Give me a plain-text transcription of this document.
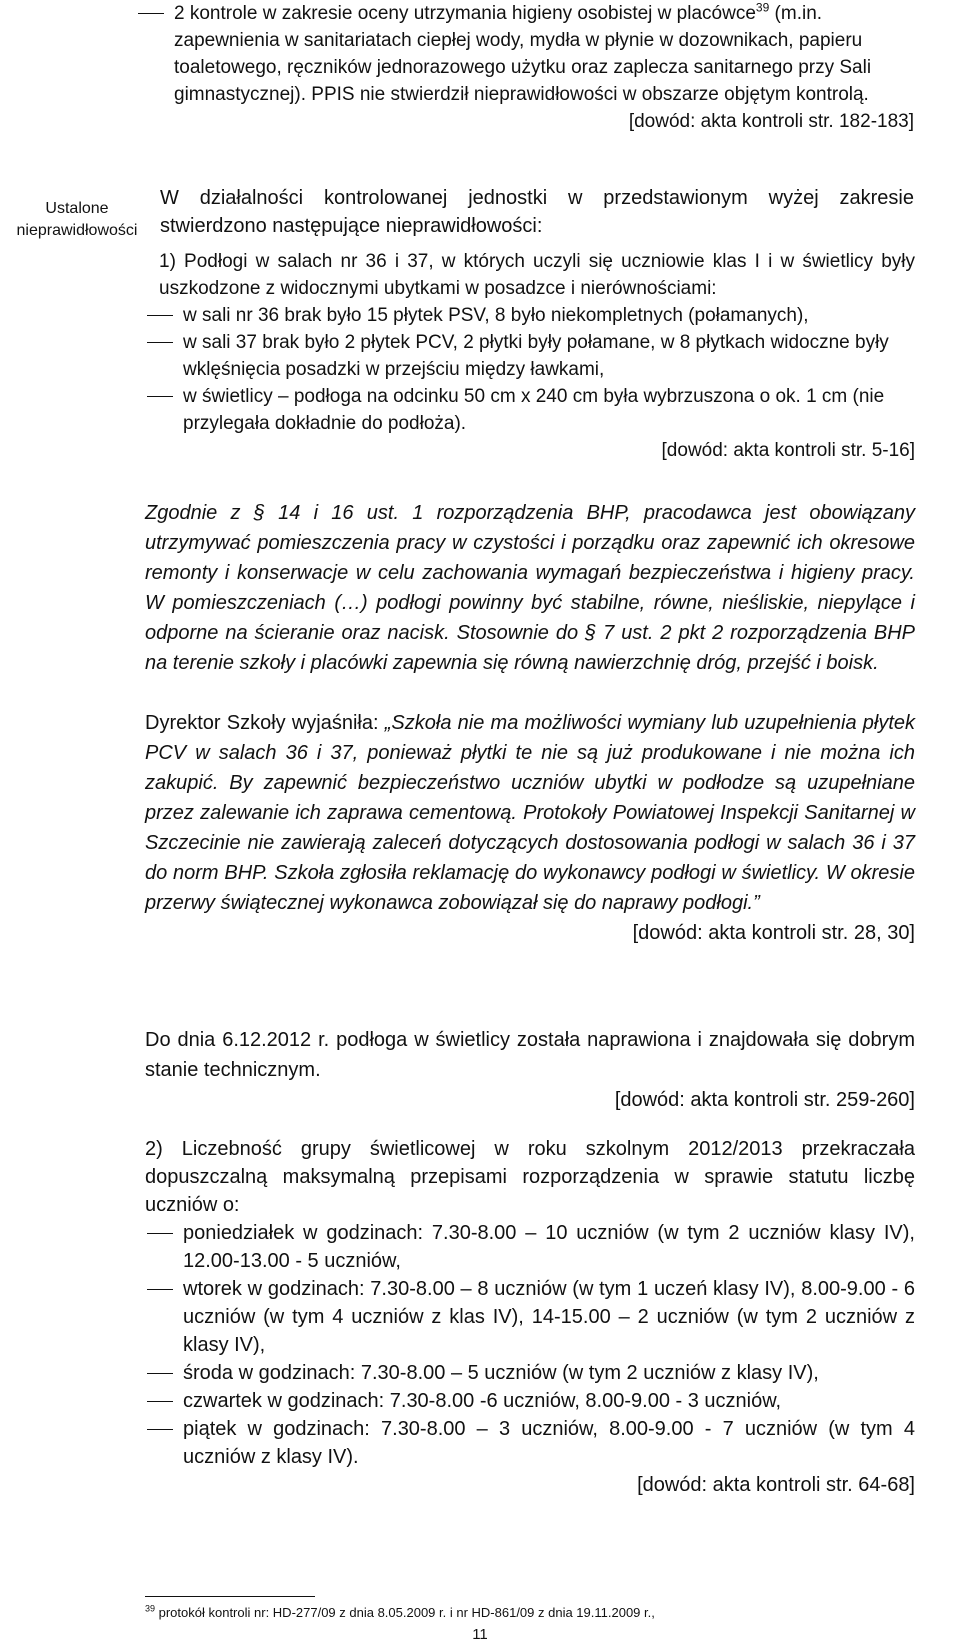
Ustalone nieprawidłowości
2 kontrole w zakresie oceny utrzymania higieny osobistej w placówce$^{39}$ (m.in. zapewnienia w sanitariatach ciepłej wody, mydła w płynie w dozownikach, papieru toaletowego, ręczników jednorazowego użytku oraz zaplecza sanitarnego przy Sali gimnastycznej). PPIS nie stwierdził nieprawidłowości w obszarze objętym kontrolą.
[dowód: akta kontroli str. 182-183]
W działalności kontrolowanej jednostki w przedstawionym wyżej zakresie stwierdzono następujące nieprawidłowości:
1) Podłogi w salach nr 36 i 37, w których uczyli się uczniowie klas I i w świetlicy były uszkodzone z widocznymi ubytkami w posadzce i nierównościami:
w sali nr 36 brak było 15 płytek PSV, 8 było niekompletnych (połamanych),
w sali 37 brak było 2 płytek PCV, 2 płytki były połamane, w 8 płytkach widoczne były wklęśnięcia posadzki w przejściu między ławkami,
w świetlicy – podłoga na odcinku 50 cm x 240 cm była wybrzuszona o ok. 1 cm (nie przylegała dokładnie do podłoża).
[dowód: akta kontroli str. 5-16]
Zgodnie z § 14 i 16 ust. 1 rozporządzenia BHP, pracodawca jest obowiązany utrzymywać pomieszczenia pracy w czystości i porządku oraz zapewnić ich okresowe remonty i konserwacje w celu zachowania wymagań bezpieczeństwa i higieny pracy. W pomieszczeniach (…) podłogi powinny być stabilne, równe, nieśliskie, niepylące i odporne na ścieranie oraz nacisk. Stosownie do § 7 ust. 2 pkt 2 rozporządzenia BHP na terenie szkoły i placówki zapewnia się równą nawierzchnię dróg, przejść i boisk.
Dyrektor Szkoły wyjaśniła: „Szkoła nie ma możliwości wymiany lub uzupełnienia płytek PCV w salach 36 i 37, ponieważ płytki te nie są już produkowane i nie można ich zakupić. By zapewnić bezpieczeństwo uczniów ubytki w podłodze są uzupełniane przez zalewanie ich zaprawa cementową. Protokoły Powiatowej Inspekcji Sanitarnej w Szczecinie nie zawierają zaleceń dotyczących dostosowania podłogi w salach 36 i 37 do norm BHP. Szkoła zgłosiła reklamację do wykonawcy podłogi w świetlicy. W okresie przerwy świątecznej wykonawca zobowiązał się do naprawy podłogi.”
[dowód: akta kontroli str. 28, 30]
Do dnia 6.12.2012 r. podłoga w świetlicy została naprawiona i znajdowała się dobrym stanie technicznym.
[dowód: akta kontroli str. 259-260]
2) Liczebność grupy świetlicowej w roku szkolnym 2012/2013 przekraczała dopuszczalną maksymalną przepisami rozporządzenia w sprawie statutu liczbę uczniów o:
poniedziałek w godzinach: 7.30-8.00 – 10 uczniów (w tym 2 uczniów klasy IV), 12.00-13.00 - 5 uczniów,
wtorek w godzinach: 7.30-8.00 – 8 uczniów (w tym 1 uczeń klasy IV), 8.00-9.00 - 6 uczniów (w tym 4 uczniów z klas IV), 14-15.00 – 2 uczniów (w tym 2 uczniów z klasy IV),
środa w godzinach: 7.30-8.00 – 5 uczniów (w tym 2 uczniów z klasy IV),
czwartek w godzinach: 7.30-8.00 -6 uczniów, 8.00-9.00 - 3 uczniów,
piątek w godzinach: 7.30-8.00 – 3 uczniów, 8.00-9.00 - 7 uczniów (w tym 4 uczniów z klasy IV).
[dowód: akta kontroli str. 64-68]
$^{39}$ protokół kontroli nr: HD-277/09 z dnia 8.05.2009 r. i nr HD-861/09 z dnia 19.11.2009 r.,
11
